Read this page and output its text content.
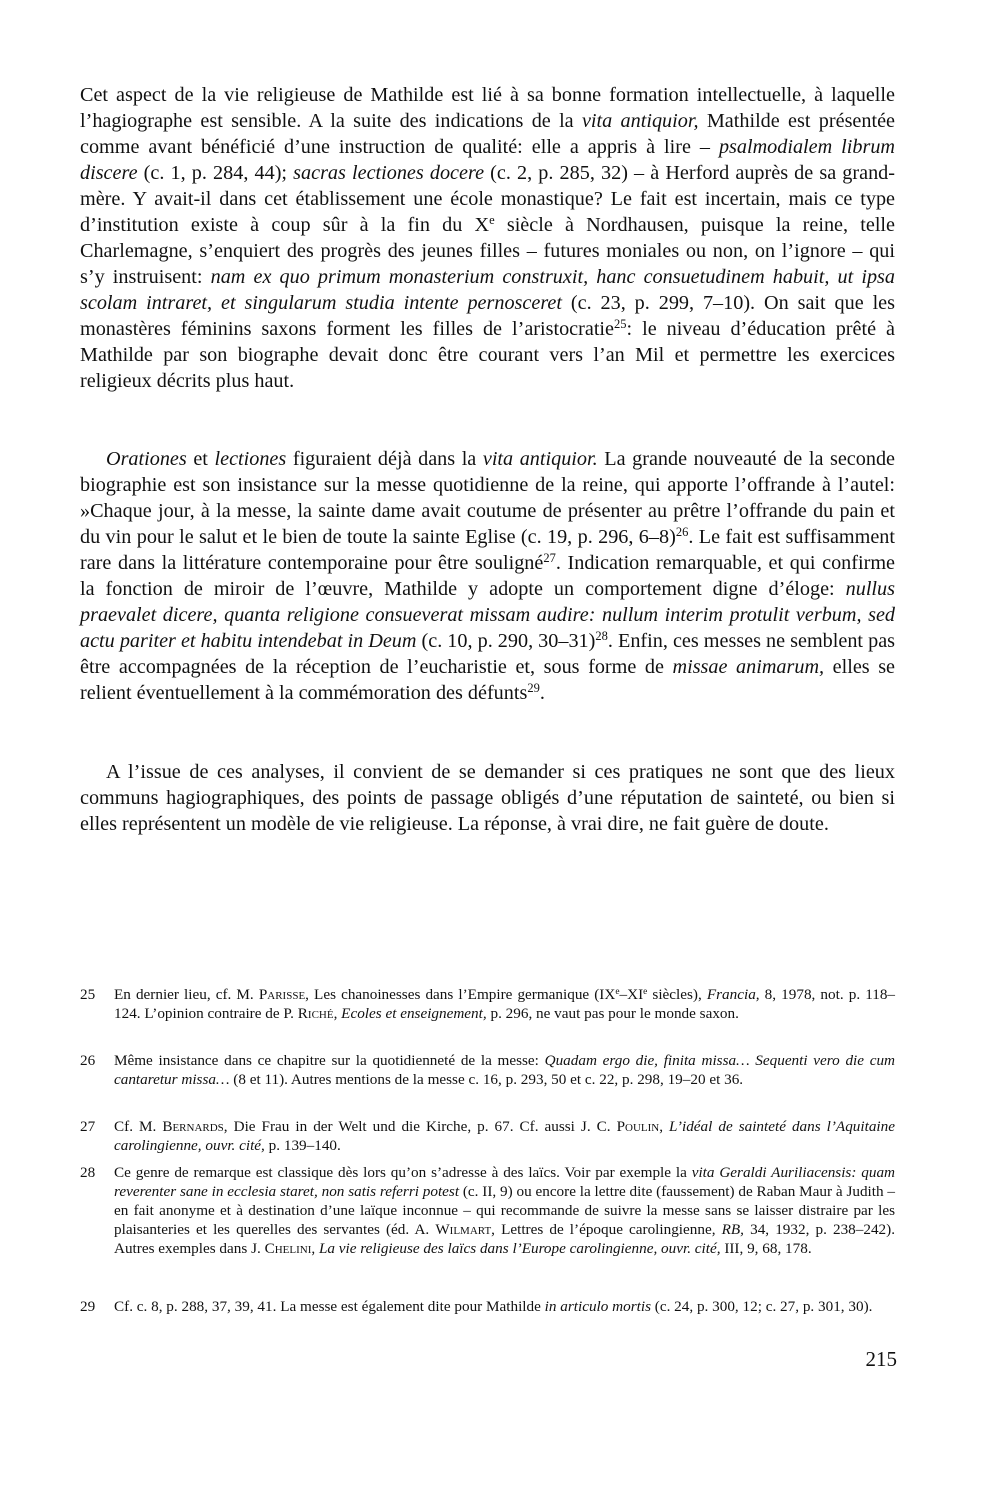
Cet aspect de la vie religieuse de Mathilde est lié à sa bonne formation intellectuelle, à laquelle l’hagiographe est sensible. A la suite des indications de la vita antiquior, Mathilde est présentée comme avant bénéficié d’une instruction de qualité: elle a appris à lire – psalmodialem librum discere (c. 1, p. 284, 44); sacras lectiones docere (c. 2, p. 285, 32) – à Herford auprès de sa grand-mère. Y avait-il dans cet établissement une école monastique? Le fait est incertain, mais ce type d’institution existe à coup sûr à la fin du Xe siècle à Nordhausen, puisque la reine, telle Charlemagne, s’enquiert des progrès des jeunes filles – futures moniales ou non, on l’ignore – qui s’y instruisent: nam ex quo primum monasterium construxit, hanc consuetudinem habuit, ut ipsa scolam intraret, et singularum studia intente pernosceret (c. 23, p. 299, 7–10). On sait que les monastères féminins saxons forment les filles de l’aristocratie$^{25}$: le niveau d’éducation prêté à Mathilde par son biographe devait donc être courant vers l’an Mil et permettre les exercices religieux décrits plus haut.

Orationes et lectiones figuraient déjà dans la vita antiquior. La grande nouveauté de la seconde biographie est son insistance sur la messe quotidienne de la reine, qui apporte l’offrande à l’autel: »Chaque jour, à la messe, la sainte dame avait coutume de présenter au prêtre l’offrande du pain et du vin pour le salut et le bien de toute la sainte Eglise (c. 19, p. 296, 6–8)$^{26}$. Le fait est suffisamment rare dans la littérature contemporaine pour être souligné$^{27}$. Indication remarquable, et qui confirme la fonction de miroir de l’œuvre, Mathilde y adopte un comportement digne d’éloge: nullus praevalet dicere, quanta religione consueverat missam audire: nullum interim protulit verbum, sed actu pariter et habitu intendebat in Deum (c. 10, p. 290, 30–31)$^{28}$. Enfin, ces messes ne semblent pas être accompagnées de la réception de l’eucharistie et, sous forme de missae animarum, elles se relient éventuellement à la commémoration des défunts$^{29}$.

A l’issue de ces analyses, il convient de se demander si ces pratiques ne sont que des lieux communs hagiographiques, des points de passage obligés d’une réputation de sainteté, ou bien si elles représentent un modèle de vie religieuse. La réponse, à vrai dire, ne fait guère de doute.

25 En dernier lieu, cf. M. Parisse, Les chanoinesses dans l’Empire germanique (IXe–XIe siècles), Francia, 8, 1978, not. p. 118–124. L’opinion contraire de P. Riché, Ecoles et enseignement, p. 296, ne vaut pas pour le monde saxon.
26 Même insistance dans ce chapitre sur la quotidienneté de la messe: Quadam ergo die, finita missa… Sequenti vero die cum cantaretur missa… (8 et 11). Autres mentions de la messe c. 16, p. 293, 50 et c. 22, p. 298, 19–20 et 36.
27 Cf. M. Bernards, Die Frau in der Welt und die Kirche, p. 67. Cf. aussi J. C. Poulin, L’idéal de sainteté dans l’Aquitaine carolingienne, ouvr. cité, p. 139–140.
28 Ce genre de remarque est classique dès lors qu’on s’adresse à des laïcs. Voir par exemple la vita Geraldi Auriliacensis: quam reverenter sane in ecclesia staret, non satis referri potest (c. II, 9) ou encore la lettre dite (faussement) de Raban Maur à Judith – en fait anonyme et à destination d’une laïque inconnue – qui recommande de suivre la messe sans se laisser distraire par les plaisanteries et les querelles des servantes (éd. A. Wilmart, Lettres de l’époque carolingienne, RB, 34, 1932, p. 238–242). Autres exemples dans J. Chelini, La vie religieuse des laïcs dans l’Europe carolingienne, ouvr. cité, III, 9, 68, 178.
29 Cf. c. 8, p. 288, 37, 39, 41. La messe est également dite pour Mathilde in articulo mortis (c. 24, p. 300, 12; c. 27, p. 301, 30).
215
